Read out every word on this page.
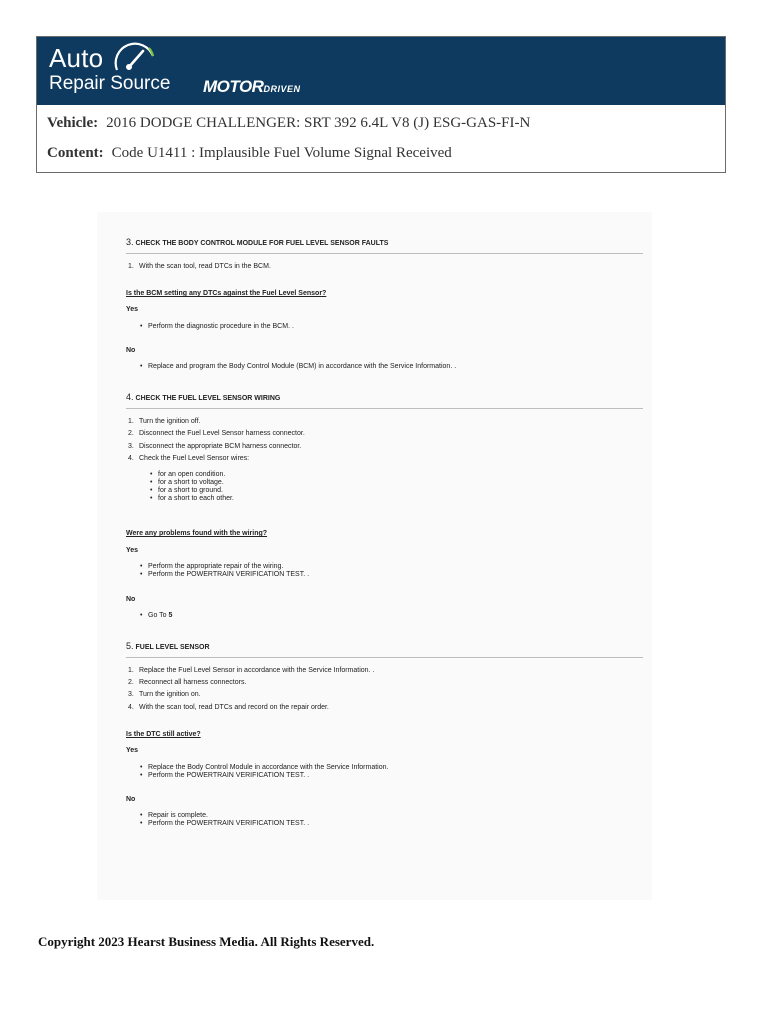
Auto
Repair Source MOTORDRIVEN
Vehicle: 2016 DODGE CHALLENGER: SRT 392 6.4L V8 (J) ESG-GAS-FI-N
Content: Code U1411 : Implausible Fuel Volume Signal Received
3. CHECK THE BODY CONTROL MODULE FOR FUEL LEVEL SENSOR FAULTS
1. With the scan tool, read DTCs in the BCM.
Is the BCM setting any DTCs against the Fuel Level Sensor?
Yes
• Perform the diagnostic procedure in the BCM. .
No
• Replace and program the Body Control Module (BCM) in accordance with the Service Information. .
4. CHECK THE FUEL LEVEL SENSOR WIRING
1. Turn the ignition off.
2. Disconnect the Fuel Level Sensor harness connector.
3. Disconnect the appropriate BCM harness connector.
4. Check the Fuel Level Sensor wires:
• for an open condition.
• for a short to voltage.
• for a short to ground.
• for a short to each other.
Were any problems found with the wiring?
Yes
• Perform the appropriate repair of the wiring.
• Perform the POWERTRAIN VERIFICATION TEST. .
No
• Go To 5
5. FUEL LEVEL SENSOR
1. Replace the Fuel Level Sensor in accordance with the Service Information. .
2. Reconnect all harness connectors.
3. Turn the ignition on.
4. With the scan tool, read DTCs and record on the repair order.
Is the DTC still active?
Yes
• Replace the Body Control Module in accordance with the Service Information.
• Perform the POWERTRAIN VERIFICATION TEST. .
No
• Repair is complete.
• Perform the POWERTRAIN VERIFICATION TEST. .
Copyright 2023 Hearst Business Media. All Rights Reserved.
